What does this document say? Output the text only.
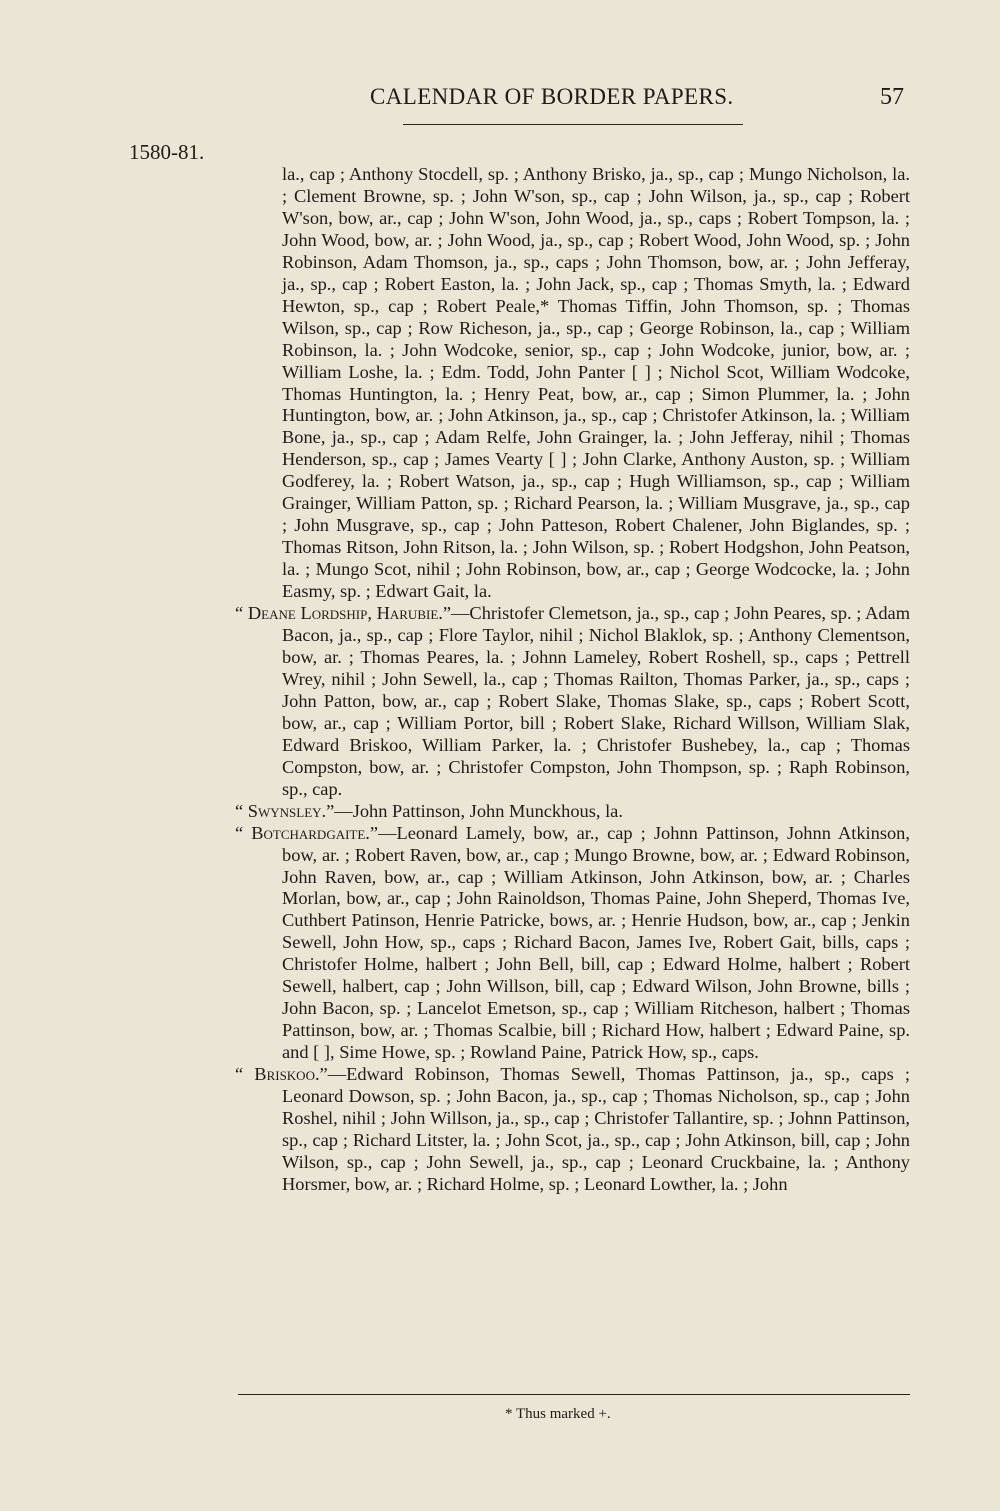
CALENDAR OF BORDER PAPERS.	57
1580-81.

la., cap ; Anthony Stocdell, sp. ; Anthony Brisko, ja., sp., cap ; Mungo Nicholson, la. ; Clement Browne, sp. ; John W'son, sp., cap ; John Wilson, ja., sp., cap ; Robert W'son, bow, ar., cap ; John W'son, John Wood, ja., sp., caps ; Robert Tompson, la. ; John Wood, bow, ar. ; John Wood, ja., sp., cap ; Robert Wood, John Wood, sp. ; John Robinson, Adam Thomson, ja., sp., caps ; John Thomson, bow, ar. ; John Jefferay, ja., sp., cap ; Robert Easton, la. ; John Jack, sp., cap ; Thomas Smyth, la. ; Edward Hewton, sp., cap ; Robert Peale,* Thomas Tiffin, John Thomson, sp. ; Thomas Wilson, sp., cap ; Row Richeson, ja., sp., cap ; George Robinson, la., cap ; William Robinson, la. ; John Wodcoke, senior, sp., cap ; John Wodcoke, junior, bow, ar. ; William Loshe, la. ; Edm. Todd, John Panter [ ] ; Nichol Scot, William Wodcoke, Thomas Huntington, la. ; Henry Peat, bow, ar., cap ; Simon Plummer, la. ; John Huntington, bow, ar. ; John Atkinson, ja., sp., cap ; Christofer Atkinson, la. ; William Bone, ja., sp., cap ; Adam Relfe, John Grainger, la. ; John Jefferay, nihil ; Thomas Henderson, sp., cap ; James Vearty [ ] ; John Clarke, Anthony Auston, sp. ; William Godferey, la. ; Robert Watson, ja., sp., cap ; Hugh Williamson, sp., cap ; William Grainger, William Patton, sp. ; Richard Pearson, la. ; William Musgrave, ja., sp., cap ; John Musgrave, sp., cap ; John Patteson, Robert Chalener, John Biglandes, sp. ; Thomas Ritson, John Ritson, la. ; John Wilson, sp. ; Robert Hodgshon, John Peatson, la. ; Mungo Scot, nihil ; John Robinson, bow, ar., cap ; George Wodcocke, la. ; John Easmy, sp. ; Edwart Gait, la.

“ Deane Lordship, Harubie.”—Christofer Clemetson, ja., sp., cap ; John Peares, sp. ; Adam Bacon, ja., sp., cap ; Flore Taylor, nihil ; Nichol Blaklok, sp. ; Anthony Clementson, bow, ar. ; Thomas Peares, la. ; Johnn Lameley, Robert Roshell, sp., caps ; Pettrell Wrey, nihil ; John Sewell, la., cap ; Thomas Railton, Thomas Parker, ja., sp., caps ; John Patton, bow, ar., cap ; Robert Slake, Thomas Slake, sp., caps ; Robert Scott, bow, ar., cap ; William Portor, bill ; Robert Slake, Richard Willson, William Slak, Edward Briskoo, William Parker, la. ; Christofer Bushebey, la., cap ; Thomas Compston, bow, ar. ; Christofer Compston, John Thompson, sp. ; Raph Robinson, sp., cap.

“ Swynsley.”—John Pattinson, John Munckhous, la.

“ Botchardgaite.”—Leonard Lamely, bow, ar., cap ; Johnn Pattinson, Johnn Atkinson, bow, ar. ; Robert Raven, bow, ar., cap ; Mungo Browne, bow, ar. ; Edward Robinson, John Raven, bow, ar., cap ; William Atkinson, John Atkinson, bow, ar. ; Charles Morlan, bow, ar., cap ; John Rainoldson, Thomas Paine, John Sheperd, Thomas Ive, Cuthbert Patinson, Henrie Patricke, bows, ar. ; Henrie Hudson, bow, ar., cap ; Jenkin Sewell, John How, sp., caps ; Richard Bacon, James Ive, Robert Gait, bills, caps ; Christofer Holme, halbert ; John Bell, bill, cap ; Edward Holme, halbert ; Robert Sewell, halbert, cap ; John Willson, bill, cap ; Edward Wilson, John Browne, bills ; John Bacon, sp. ; Lancelot Emetson, sp., cap ; William Ritcheson, halbert ; Thomas Pattinson, bow, ar. ; Thomas Scalbie, bill ; Richard How, halbert ; Edward Paine, sp. and [ ], Sime Howe, sp. ; Rowland Paine, Patrick How, sp., caps.

“ Briskoo.”—Edward Robinson, Thomas Sewell, Thomas Pattinson, ja., sp., caps ; Leonard Dowson, sp. ; John Bacon, ja., sp., cap ; Thomas Nicholson, sp., cap ; John Roshel, nihil ; John Willson, ja., sp., cap ; Christofer Tallantire, sp. ; Johnn Pattinson, sp., cap ; Richard Litster, la. ; John Scot, ja., sp., cap ; John Atkinson, bill, cap ; John Wilson, sp., cap ; John Sewell, ja., sp., cap ; Leonard Cruckbaine, la. ; Anthony Horsmer, bow, ar. ; Richard Holme, sp. ; Leonard Lowther, la. ; John

* Thus marked +.
